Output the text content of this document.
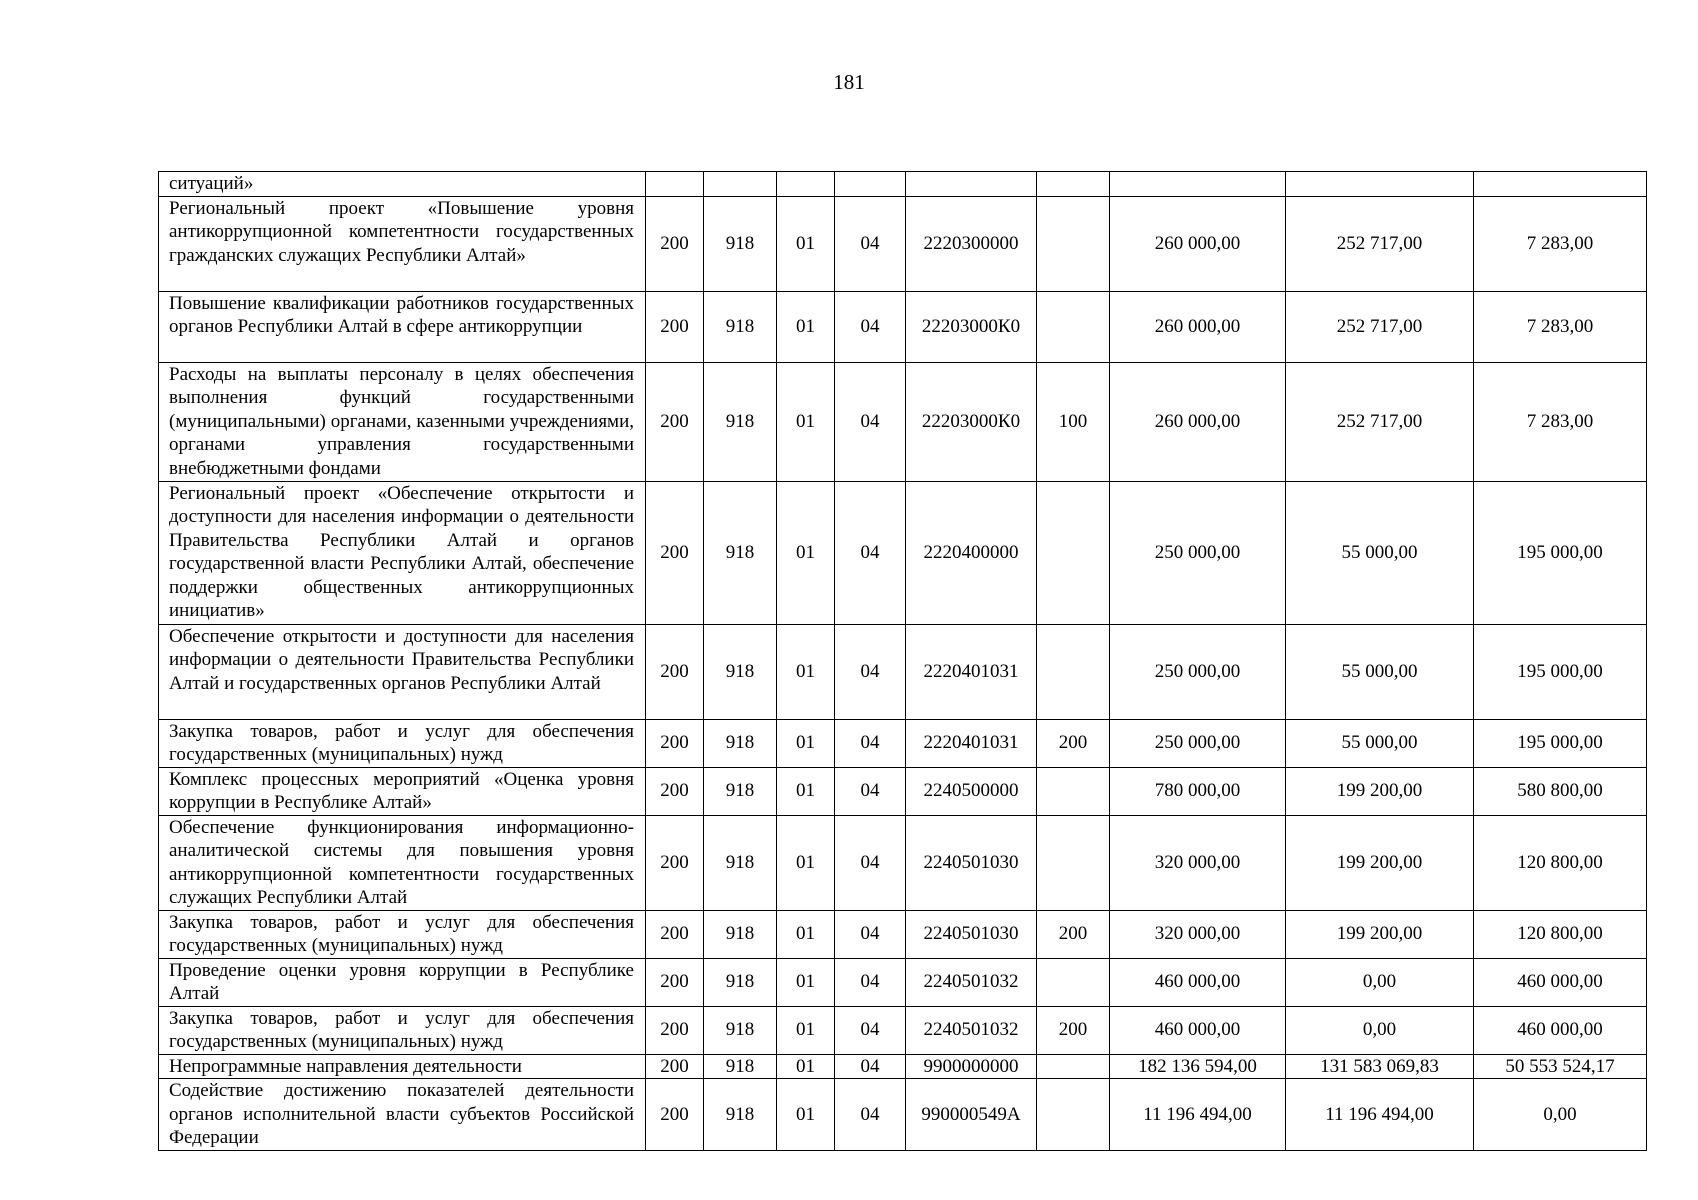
181
ситуаций»									
Региональный проект «Повышение уровня антикоррупционной компетентности государственных гражданских служащих Республики Алтай»	200	918	01	04	2220300000		260 000,00	252 717,00	7 283,00
Повышение квалификации работников государственных органов Республики Алтай в сфере антикоррупции	200	918	01	04	22203000К0		260 000,00	252 717,00	7 283,00
Расходы на выплаты персоналу в целях обеспечения выполнения функций государственными (муниципальными) органами, казенными учреждениями, органами управления государственными внебюджетными фондами	200	918	01	04	22203000К0	100	260 000,00	252 717,00	7 283,00
Региональный проект «Обеспечение открытости и доступности для населения информации о деятельности Правительства Республики Алтай и органов государственной власти Республики Алтай, обеспечение поддержки общественных антикоррупционных инициатив»	200	918	01	04	2220400000		250 000,00	55 000,00	195 000,00
Обеспечение открытости и доступности для населения информации о деятельности Правительства Республики Алтай и государственных органов Республики Алтай	200	918	01	04	2220401031		250 000,00	55 000,00	195 000,00
Закупка товаров, работ и услуг для обеспечения государственных (муниципальных) нужд	200	918	01	04	2220401031	200	250 000,00	55 000,00	195 000,00
Комплекс процессных мероприятий «Оценка уровня коррупции в Республике Алтай»	200	918	01	04	2240500000		780 000,00	199 200,00	580 800,00
Обеспечение функционирования информационно-аналитической системы для повышения уровня антикоррупционной компетентности государственных служащих Республики Алтай	200	918	01	04	2240501030		320 000,00	199 200,00	120 800,00
Закупка товаров, работ и услуг для обеспечения государственных (муниципальных) нужд	200	918	01	04	2240501030	200	320 000,00	199 200,00	120 800,00
Проведение оценки уровня коррупции в Республике Алтай	200	918	01	04	2240501032		460 000,00	0,00	460 000,00
Закупка товаров, работ и услуг для обеспечения государственных (муниципальных) нужд	200	918	01	04	2240501032	200	460 000,00	0,00	460 000,00
Непрограммные направления деятельности	200	918	01	04	9900000000		182 136 594,00	131 583 069,83	50 553 524,17
Содействие достижению показателей деятельности органов исполнительной власти субъектов Российской Федерации	200	918	01	04	990000549А		11 196 494,00	11 196 494,00	0,00
